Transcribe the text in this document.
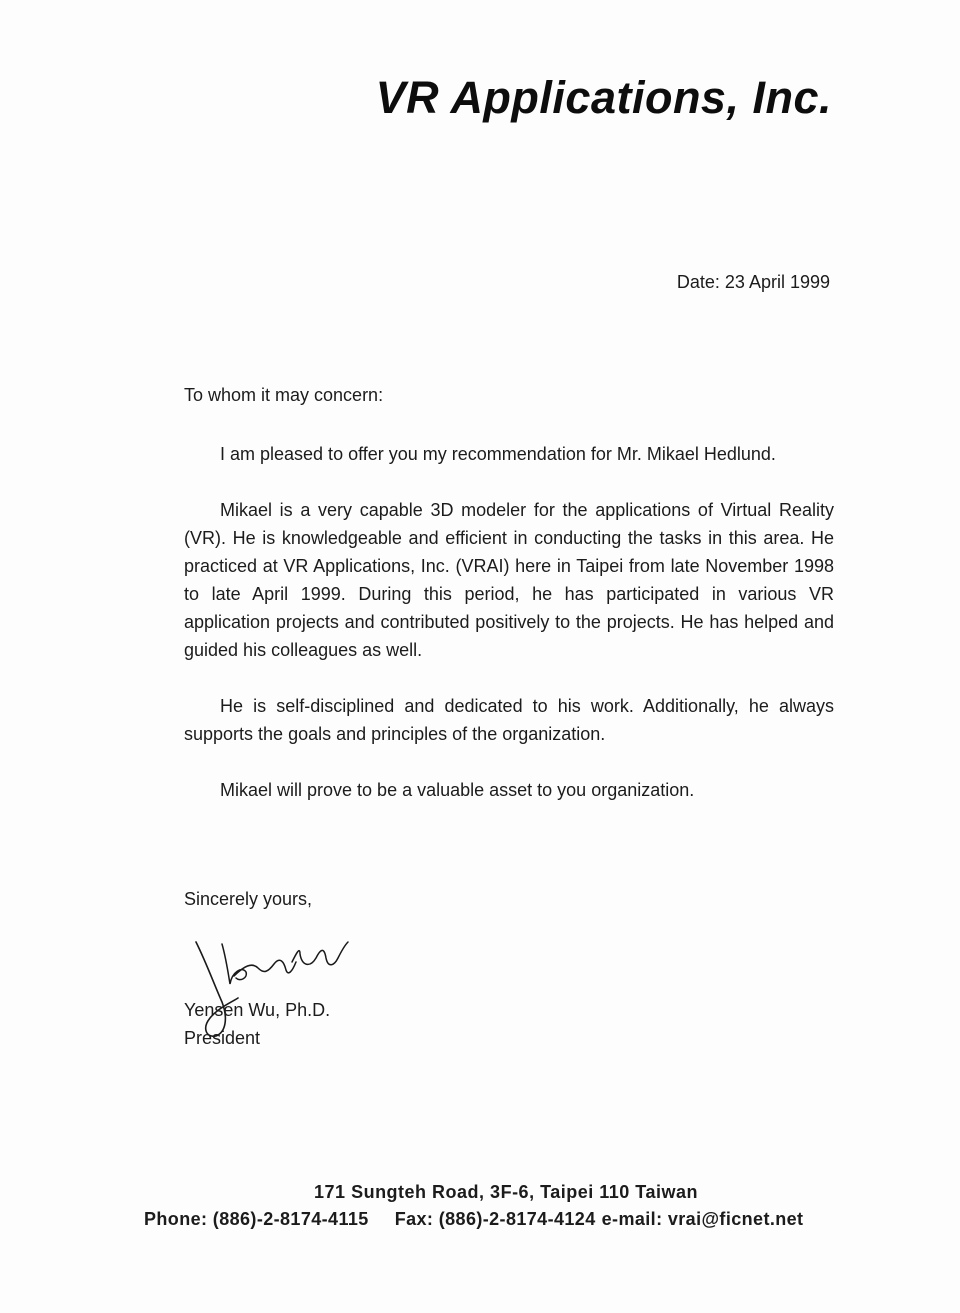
VR Applications, Inc.
Date: 23 April 1999
To whom it may concern:

I am pleased to offer you my recommendation for Mr. Mikael Hedlund.

Mikael is a very capable 3D modeler for the applications of Virtual Reality (VR). He is knowledgeable and efficient in conducting the tasks in this area. He practiced at VR Applications, Inc. (VRAI) here in Taipei from late November 1998 to late April 1999. During this period, he has participated in various VR application projects and contributed positively to the projects. He has helped and guided his colleagues as well.

He is self-disciplined and dedicated to his work. Additionally, he always supports the goals and principles of the organization.

Mikael will prove to be a valuable asset to you organization.

Sincerely yours,
Yensen Wu, Ph.D.
President
171 Sungteh Road, 3F-6, Taipei 110 Taiwan
Phone: (886)-2-8174-4115 Fax: (886)-2-8174-4124 e-mail: vrai@ficnet.net
